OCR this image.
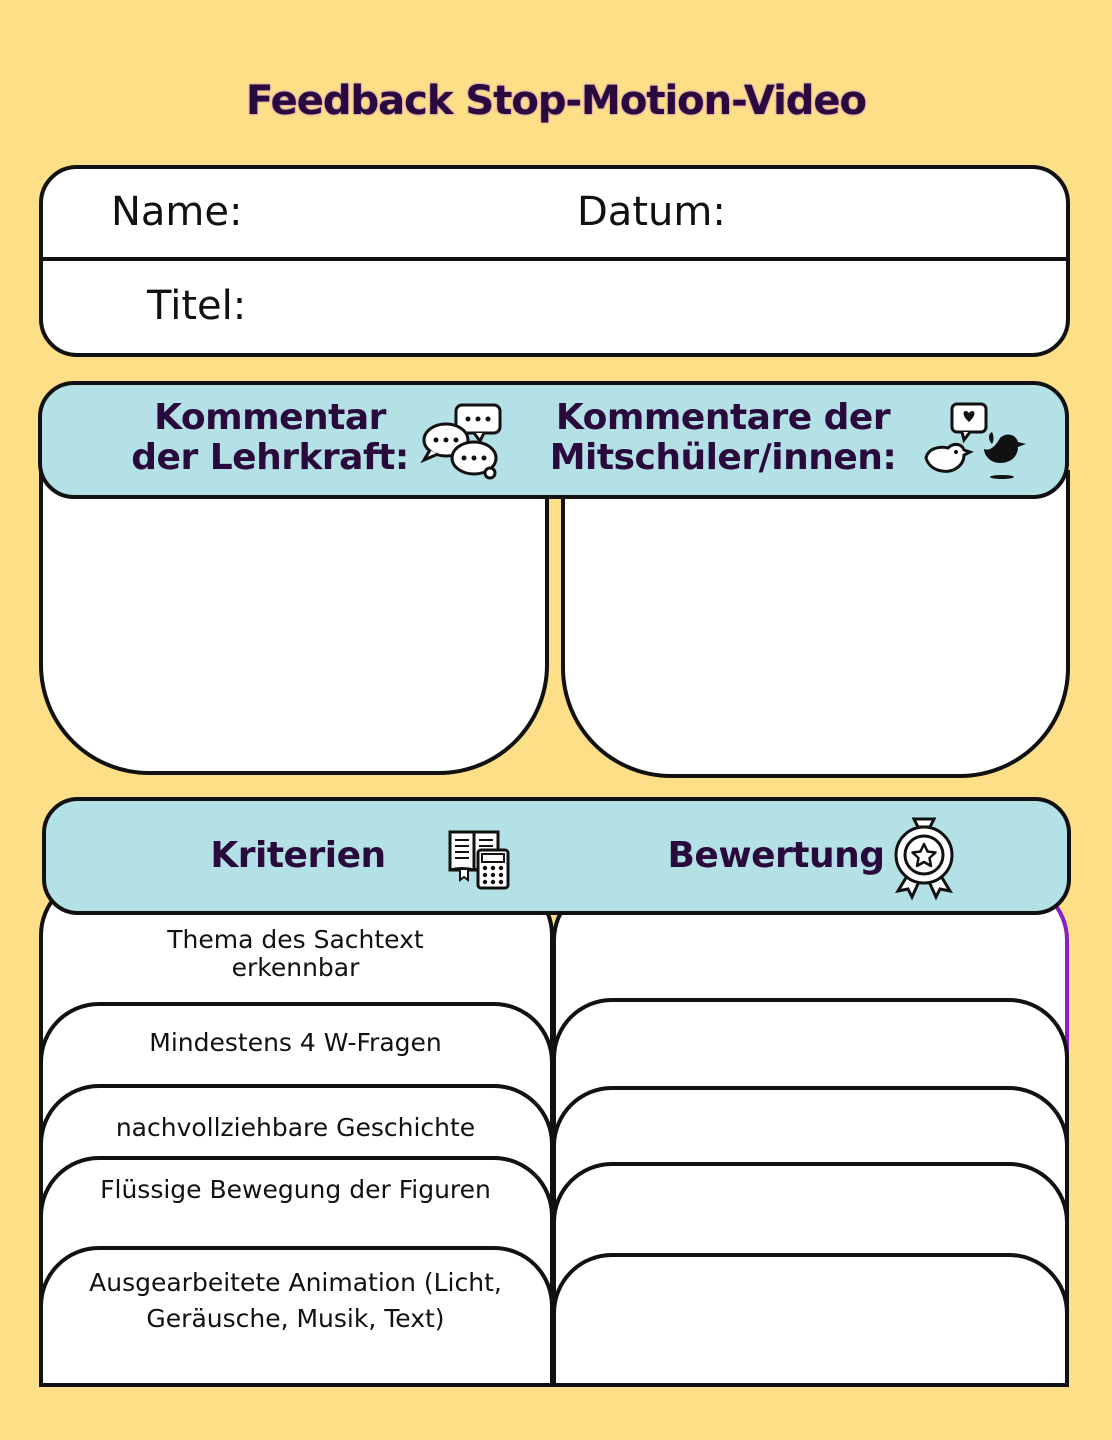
Feedback Stop-Motion-Video
Name:	Datum:
Titel:
Kommentar
der Lehrkraft:
Kommentare der
Mitschüler/innen:
Thema des Sachtext
erkennbar
Mindestens 4 W-Fragen
nachvollziehbare Geschichte
Flüssige Bewegung der Figuren
Ausgearbeitete Animation (Licht,
Geräusche, Musik, Text)
Kriterien	Bewertung
